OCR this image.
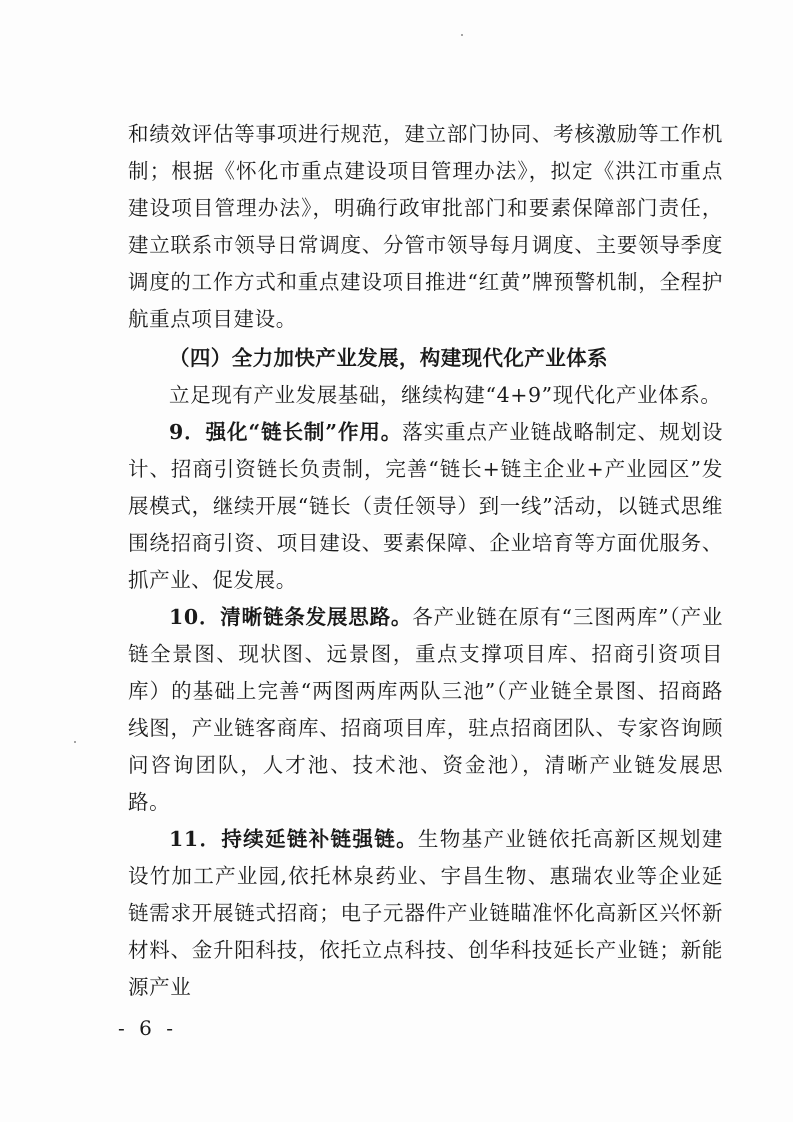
和绩效评估等事项进行规范，建立部门协同、考核激励等工作机制；根据《怀化市重点建设项目管理办法》，拟定《洪江市重点建设项目管理办法》，明确行政审批部门和要素保障部门责任，建立联系市领导日常调度、分管市领导每月调度、主要领导季度调度的工作方式和重点建设项目推进“红黄”牌预警机制，全程护航重点项目建设。

（四）全力加快产业发展，构建现代化产业体系

立足现有产业发展基础，继续构建“4+9”现代化产业体系。

9．强化“链长制”作用。落实重点产业链战略制定、规划设计、招商引资链长负责制，完善“链长+链主企业+产业园区”发展模式，继续开展“链长（责任领导）到一线”活动，以链式思维围绕招商引资、项目建设、要素保障、企业培育等方面优服务、抓产业、促发展。

10．清晰链条发展思路。各产业链在原有“三图两库”（产业链全景图、现状图、远景图，重点支撑项目库、招商引资项目库）的基础上完善“两图两库两队三池”（产业链全景图、招商路线图，产业链客商库、招商项目库，驻点招商团队、专家咨询顾问咨询团队，人才池、技术池、资金池），清晰产业链发展思路。

11．持续延链补链强链。生物基产业链依托高新区规划建设竹加工产业园,依托林泉药业、宇昌生物、惠瑞农业等企业延链需求开展链式招商；电子元器件产业链瞄准怀化高新区兴怀新材料、金升阳科技，依托立点科技、创华科技延长产业链；新能源产业

- 6 -
